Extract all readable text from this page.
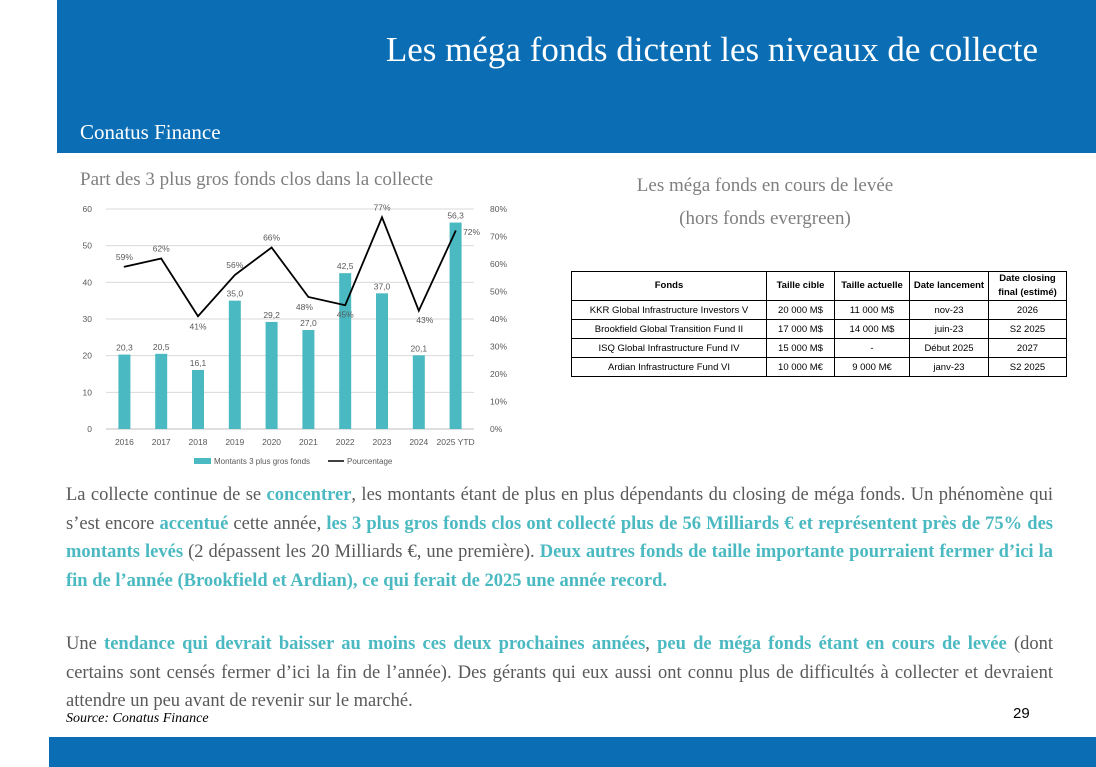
Les méga fonds dictent les niveaux de collecte
Conatus Finance
Part des 3 plus gros fonds clos dans la collecte
0
10
20
30
40
50
60
0%
10%
20%
30%
40%
50%
60%
70%
80%
2016 2017 2018 2019 2020 2021 2022 2023 2024 2025 YTD
20,3 20,5
16,1
35,0
29,2
27,0
42,5
37,0
20,1
56,3
59%
62%
41%
56%
66%
48%
45%
77%
43%
72%
Montants 3 plus gros fonds	Pourcentage
Les méga fonds en cours de levée
(hors fonds evergreen)
Fonds	Taille cible	Taille actuelle	Date lancement	Date closing final (estimé)
KKR Global Infrastructure Investors V	20 000 M$	11 000 M$	nov-23	2026
Brookfield Global Transition Fund II	17 000 M$	14 000 M$	juin-23	S2 2025
ISQ Global Infrastructure Fund IV	15 000 M$	-	Début 2025	2027
Ardian Infrastructure Fund VI	10 000 M€	9 000 M€	janv-23	S2 2025
La collecte continue de se concentrer, les montants étant de plus en plus dépendants du closing de méga fonds. Un phénomène qui s’est encore accentué cette année, les 3 plus gros fonds clos ont collecté plus de 56 Milliards € et représentent près de 75% des montants levés (2 dépassent les 20 Milliards €, une première). Deux autres fonds de taille importante pourraient fermer d’ici la fin de l’année (Brookfield et Ardian), ce qui ferait de 2025 une année record.
Une tendance qui devrait baisser au moins ces deux prochaines années, peu de méga fonds étant en cours de levée (dont certains sont censés fermer d’ici la fin de l’année). Des gérants qui eux aussi ont connu plus de difficultés à collecter et devraient attendre un peu avant de revenir sur le marché.
Source: Conatus Finance	29
